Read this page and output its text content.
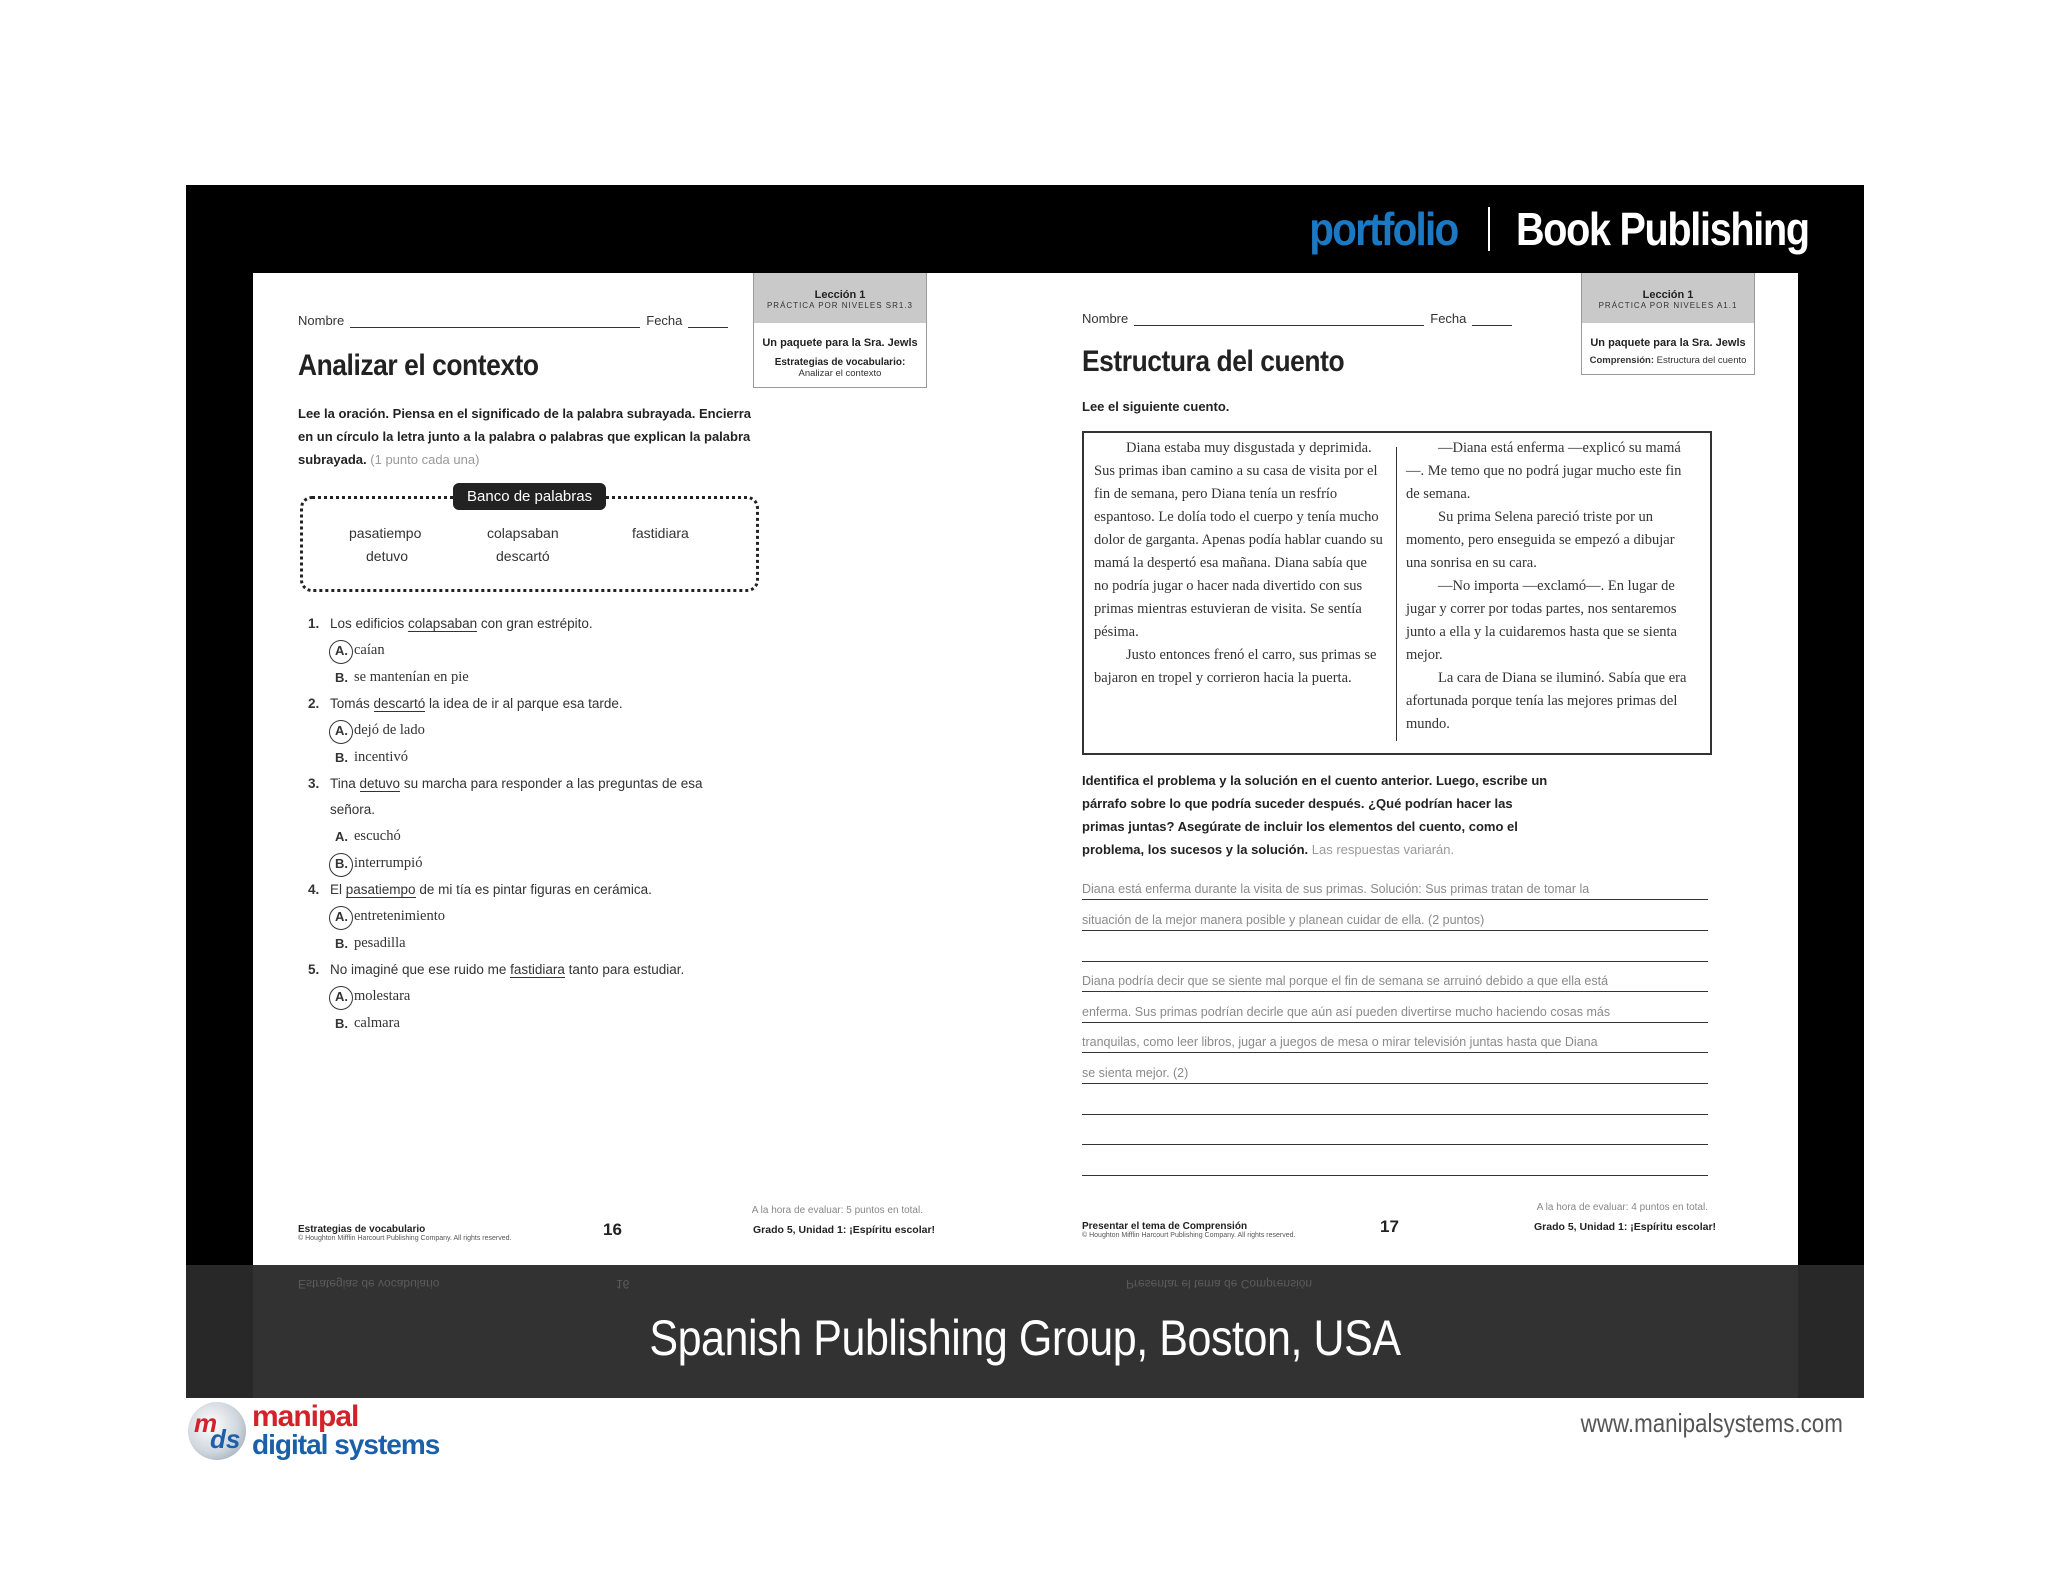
portfolio Book Publishing
Lección 1
PRÁCTICA POR NIVELES SR1.3
Un paquete para la Sra. Jewls
Estrategias de vocabulario:
Analizar el contexto
Nombre	Fecha
Analizar el contexto
Lee la oración. Piensa en el significado de la palabra subrayada. Encierra en un círculo la letra junto a la palabra o palabras que explican la palabra subrayada. (1 punto cada una)
Banco de palabras
pasatiempo	colapsaban	fastidiara
detuvo	descartó
1. Los edificios colapsaban con gran estrépito.
A. caían
B. se mantenían en pie
2. Tomás descartó la idea de ir al parque esa tarde.
A. dejó de lado
B. incentivó
3. Tina detuvo su marcha para responder a las preguntas de esa señora.
A. escuchó
B. interrumpió
4. El pasatiempo de mi tía es pintar figuras en cerámica.
A. entretenimiento
B. pesadilla
5. No imaginé que ese ruido me fastidiara tanto para estudiar.
A. molestara
B. calmara
Estrategias de vocabulario
© Houghton Mifflin Harcourt Publishing Company. All rights reserved.	16
A la hora de evaluar: 5 puntos en total.
Grado 5, Unidad 1: ¡Espíritu escolar!
Lección 1
PRÁCTICA POR NIVELES A1.1
Un paquete para la Sra. Jewls
Comprensión: Estructura del cuento
Nombre	Fecha
Estructura del cuento
Lee el siguiente cuento.

Diana estaba muy disgustada y deprimida. Sus primas iban camino a su casa de visita por el fin de semana, pero Diana tenía un resfrío espantoso. Le dolía todo el cuerpo y tenía mucho dolor de garganta. Apenas podía hablar cuando su mamá la despertó esa mañana. Diana sabía que no podría jugar o hacer nada divertido con sus primas mientras estuvieran de visita. Se sentía pésima.

Justo entonces frenó el carro, sus primas se bajaron en tropel y corrieron hacia la puerta.

—Diana está enferma —explicó su mamá—. Me temo que no podrá jugar mucho este fin de semana.

Su prima Selena pareció triste por un momento, pero enseguida se empezó a dibujar una sonrisa en su cara.

—No importa —exclamó—. En lugar de jugar y correr por todas partes, nos sentaremos junto a ella y la cuidaremos hasta que se sienta mejor.

La cara de Diana se iluminó. Sabía que era afortunada porque tenía las mejores primas del mundo.

Identifica el problema y la solución en el cuento anterior. Luego, escribe un párrafo sobre lo que podría suceder después. ¿Qué podrían hacer las primas juntas? Asegúrate de incluir los elementos del cuento, como el problema, los sucesos y la solución. Las respuestas variarán.
Diana está enferma durante la visita de sus primas. Solución: Sus primas tratan de tomar la
situación de la mejor manera posible y planean cuidar de ella. (2 puntos)
Diana podría decir que se siente mal porque el fin de semana se arruinó debido a que ella está
enferma. Sus primas podrían decirle que aún así pueden divertirse mucho haciendo cosas más
tranquilas, como leer libros, jugar a juegos de mesa o mirar televisión juntas hasta que Diana
se sienta mejor. (2)
Presentar el tema de Comprensión
© Houghton Mifflin Harcourt Publishing Company. All rights reserved.	17
A la hora de evaluar: 4 puntos en total.
Grado 5, Unidad 1: ¡Espíritu escolar!
Estrategias de vocabulario	16	Presentar el tema de Comprensión
Spanish Publishing Group, Boston, USA
m
ds
manipal
digital systems
www.manipalsystems.com
